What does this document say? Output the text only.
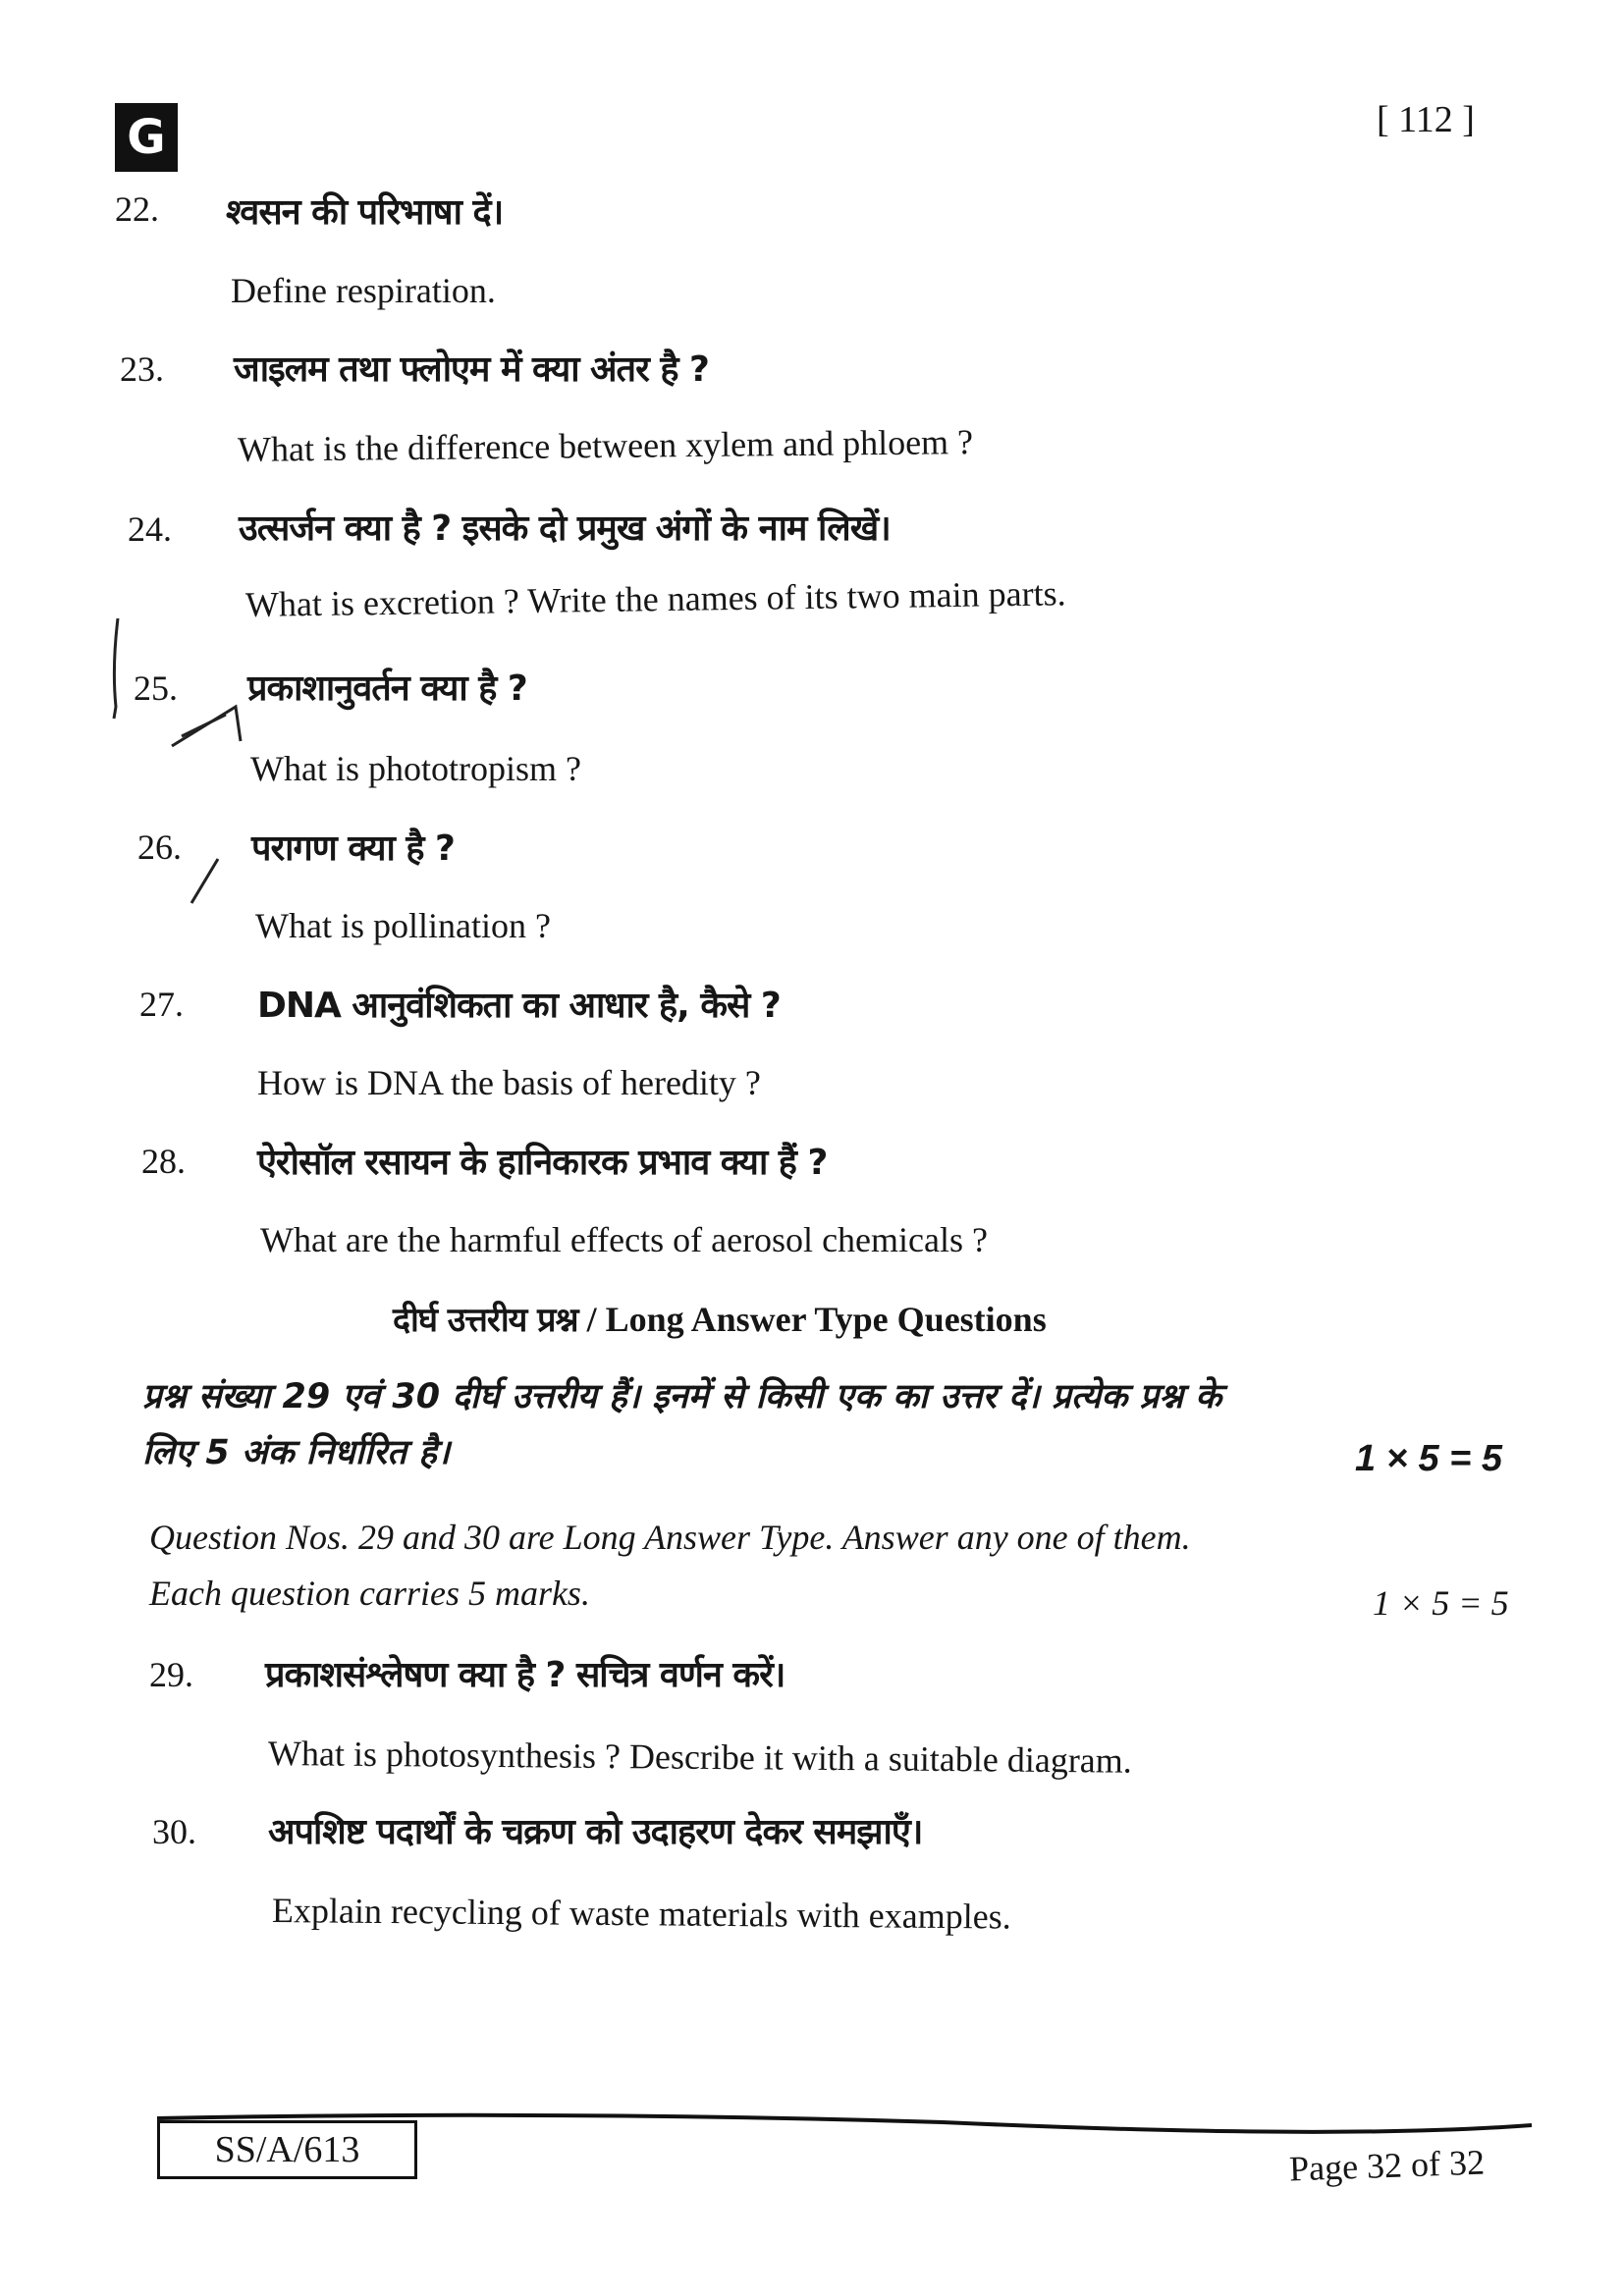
G	[ 112 ]
22. श्वसन की परिभाषा दें।
Define respiration.
23. जाइलम तथा फ्लोएम में क्या अंतर है ?
What is the difference between xylem and phloem ?
24. उत्सर्जन क्या है ? इसके दो प्रमुख अंगों के नाम लिखें।
What is excretion ? Write the names of its two main parts.
25. प्रकाशानुवर्तन क्या है ?
What is phototropism ?
26. परागण क्या है ?
What is pollination ?
27. DNA आनुवंशिकता का आधार है, कैसे ?
How is DNA the basis of heredity ?
28. ऐरोसॉल रसायन के हानिकारक प्रभाव क्या हैं ?
What are the harmful effects of aerosol chemicals ?
दीर्घ उत्तरीय प्रश्न / Long Answer Type Questions
प्रश्न संख्या 29 एवं 30 दीर्घ उत्तरीय हैं। इनमें से किसी एक का उत्तर दें। प्रत्येक प्रश्न के
लिए 5 अंक निर्धारित है।	1 × 5 = 5
Question Nos. 29 and 30 are Long Answer Type. Answer any one of them.
Each question carries 5 marks.	1 × 5 = 5
29. प्रकाशसंश्लेषण क्या है ? सचित्र वर्णन करें।
What is photosynthesis ? Describe it with a suitable diagram.
30. अपशिष्ट पदार्थों के चक्रण को उदाहरण देकर समझाएँ।
Explain recycling of waste materials with examples.
SS/A/613	Page 32 of 32
